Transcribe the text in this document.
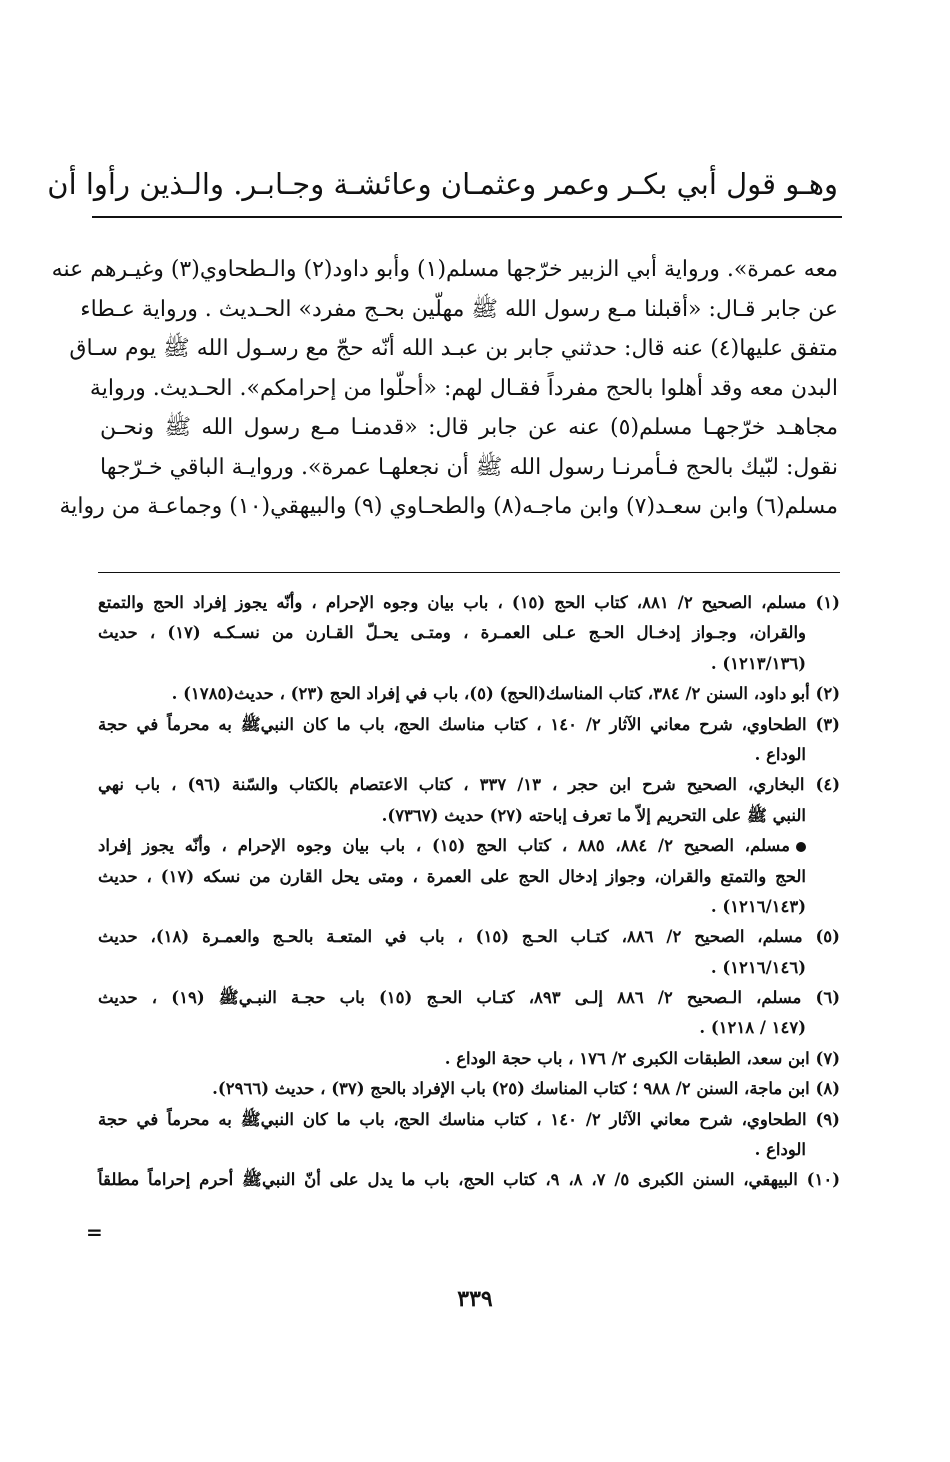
وهـو قول أبي بكـر وعمر وعثمـان وعائشـة وجـابـر. والـذين رأوا أن
معه عمرة». ورواية أبي الزبير خرّجها مسلم(١) وأبو داود(٢) والـطحاوي(٣) وغيـرهم عنه
عن جابر قـال: «أقبلنا مـع رسول الله ﷺ مهلّين بحـج مفرد» الحـديث . ورواية عـطاء
متفق عليها(٤) عنه قال: حدثني جابر بن عبـد الله أنّه حجّ مع رسـول الله ﷺ يوم سـاق
البدن معه وقد أهلوا بالحج مفرداً فقـال لهم: «أحلّوا من إحرامكم». الحـديث. ورواية
مجاهـد خرّجهـا مسلم(٥) عنه عن جابر قال: «قدمنـا مـع رسول الله ﷺ ونحـن
نقول: لبّيك بالحج فـأمرنـا رسول الله ﷺ أن نجعلهـا عمرة». وروايـة الباقي خـرّجها
مسلم(٦) وابن سعـد(٧) وابن ماجـه(٨) والطحـاوي (٩) والبيهقي(١٠) وجماعـة من رواية
(١) مسلم، الصحيح ٢/ ٨٨١، كتاب الحج (١٥) ، باب بيان وجوه الإحرام ، وأنّه يجوز إفراد الحج والتمتع
والقران، وجـواز إدخـال الحـج عـلى العمـرة ، ومتـى يحـلّ القـارن من نسـكـه (١٧) ، حديث
(١٢١٣/١٣٦) .
(٢) أبو داود، السنن ٢/ ٣٨٤، كتاب المناسك(الحج) (٥)، باب في إفراد الحج (٢٣) ، حديث(١٧٨٥) .
(٣) الطحاوي، شرح معاني الآثار ٢/ ١٤٠ ، كتاب مناسك الحج، باب ما كان النبيﷺ به محرماً في حجة
الوداع .
(٤) البخاري، الصحيح شرح ابن حجر ، ١٣/ ٣٣٧ ، كتاب الاعتصام بالكتاب والسّنة (٩٦) ، باب نهي
النبي ﷺ على التحريم إلاّ ما تعرف إباحته (٢٧) حديث (٧٣٦٧).
مسلم، الصحيح ٢/ ٨٨٤، ٨٨٥ ، كتاب الحج (١٥) ، باب بيان وجوه الإحرام ، وأنّه يجوز إفراد
الحج والتمتع والقران، وجواز إدخال الحج على العمرة ، ومتى يحل القارن من نسكه (١٧) ، حديث
(١٢١٦/١٤٣) .
(٥) مسلم، الصحيح ٢/ ٨٨٦، كتـاب الحـج (١٥) ، باب في المتعـة بالحـج والعمـرة (١٨)، حديث
(١٢١٦/١٤٦) .
(٦) مسلم، الـصحيح ٢/ ٨٨٦ إلـى ٨٩٣، كتـاب الحـج (١٥) باب حجـة النبـيﷺ (١٩) ، حديث
(١٤٧ / ١٢١٨) .
(٧) ابن سعد، الطبقات الكبرى ٢/ ١٧٦ ، باب حجة الوداع .
(٨) ابن ماجة، السنن ٢/ ٩٨٨ ؛ كتاب المناسك (٢٥) باب الإفراد بالحج (٣٧) ، حديث (٢٩٦٦).
(٩) الطحاوي، شرح معاني الآثار ٢/ ١٤٠ ، كتاب مناسك الحج، باب ما كان النبيﷺ به محرماً في حجة
الوداع .
(١٠) البيهقي، السنن الكبرى ٥/ ٧، ٨، ٩، كتاب الحج، باب ما يدل على أنّ النبيﷺ أحرم إحراماً مطلقاً
=
٣٣٩
